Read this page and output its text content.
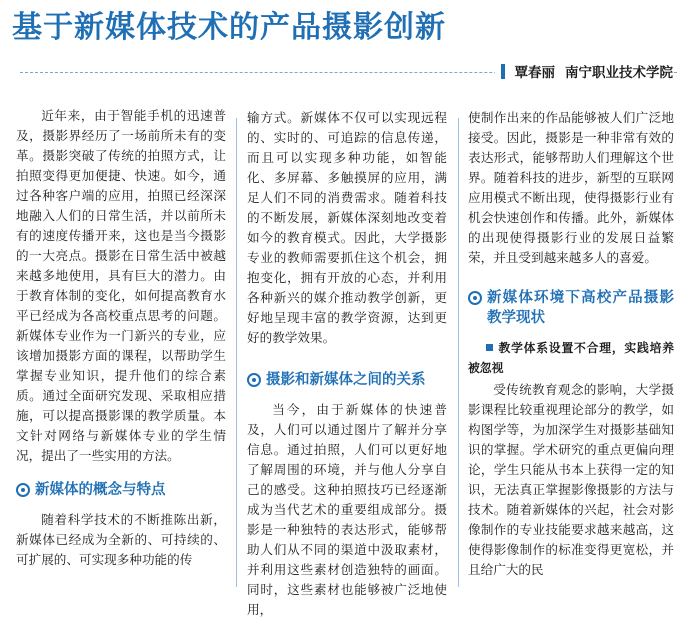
基于新媒体技术的产品摄影创新
覃春丽 南宁职业技术学院

近年来，由于智能手机的迅速普及，摄影界经历了一场前所未有的变革。摄影突破了传统的拍照方式，让拍照变得更加便捷、快速。如今，通过各种客户端的应用，拍照已经深深地融入人们的日常生活，并以前所未有的速度传播开来，这也是当今摄影的一大亮点。摄影在日常生活中被越来越多地使用，具有巨大的潜力。由于教育体制的变化，如何提高教育水平已经成为各高校重点思考的问题。新媒体专业作为一门新兴的专业，应该增加摄影方面的课程，以帮助学生掌握专业知识，提升他们的综合素质。通过全面研究发现、采取相应措施，可以提高摄影课的教学质量。本文针对网络与新媒体专业的学生情况，提出了一些实用的方法。

新媒体的概念与特点

随着科学技术的不断推陈出新，新媒体已经成为全新的、可持续的、可扩展的、可实现多种功能的传

输方式。新媒体不仅可以实现远程的、实时的、可追踪的信息传递，而且可以实现多种功能，如智能化、多屏幕、多触摸屏的应用，满足人们不同的消费需求。随着科技的不断发展，新媒体深刻地改变着如今的教育模式。因此，大学摄影专业的教师需要抓住这个机会，拥抱变化，拥有开放的心态，并利用各种新兴的媒介推动教学创新，更好地呈现丰富的教学资源，达到更好的教学效果。

摄影和新媒体之间的关系

当今，由于新媒体的快速普及，人们可以通过图片了解并分享信息。通过拍照，人们可以更好地了解周围的环境，并与他人分享自己的感受。这种拍照技巧已经逐渐成为当代艺术的重要组成部分。摄影是一种独特的表达形式，能够帮助人们从不同的渠道中汲取素材，并利用这些素材创造独特的画面。同时，这些素材也能够被广泛地使用，

使制作出来的作品能够被人们广泛地接受。因此，摄影是一种非常有效的表达形式，能够帮助人们理解这个世界。随着科技的进步，新型的互联网应用模式不断出现，使得摄影行业有机会快速创作和传播。此外，新媒体的出现使得摄影行业的发展日益繁荣，并且受到越来越多人的喜爱。

新媒体环境下高校产品摄影教学现状
教学体系设置不合理，实践培养被忽视

受传统教育观念的影响，大学摄影课程比较重视理论部分的教学，如构图学等，为加深学生对摄影基础知识的掌握。学术研究的重点更偏向理论，学生只能从书本上获得一定的知识，无法真正掌握影像摄影的方法与技术。随着新媒体的兴起，社会对影像制作的专业技能要求越来越高，这使得影像制作的标准变得更宽松，并且给广大的民
